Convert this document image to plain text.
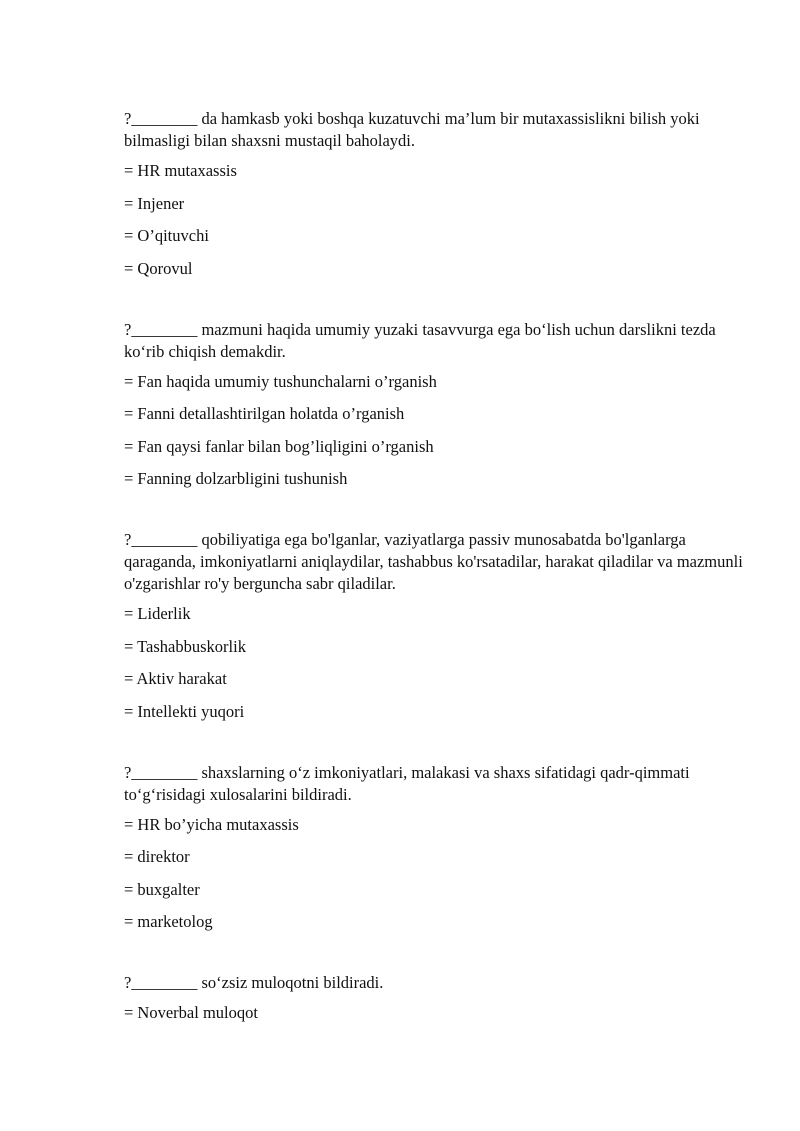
?________ da hamkasb yoki boshqa kuzatuvchi ma’lum bir mutaxassislikni bilish yoki bilmasligi bilan shaxsni mustaqil baholaydi.
= HR mutaxassis
= Injener
= O’qituvchi
= Qorovul
?________ mazmuni haqida umumiy yuzaki tasavvurga ega boʻlish uchun darslikni tezda koʻrib chiqish demakdir.
= Fan haqida umumiy tushunchalarni o’rganish
= Fanni detallashtirilgan holatda o’rganish
= Fan qaysi fanlar bilan bog’liqligini o’rganish
= Fanning dolzarbligini tushunish
?________ qobiliyatiga ega bo'lganlar, vaziyatlarga passiv munosabatda bo'lganlarga qaraganda, imkoniyatlarni aniqlaydilar, tashabbus ko'rsatadilar, harakat qiladilar va mazmunli o'zgarishlar ro'y berguncha sabr qiladilar.
= Liderlik
= Tashabbuskorlik
= Aktiv harakat
= Intellekti yuqori
?________ shaxslarning oʻz imkoniyatlari, malakasi va shaxs sifatidagi qadr-qimmati toʻgʻrisidagi xulosalarini bildiradi.
= HR bo’yicha mutaxassis
= direktor
= buxgalter
= marketolog
?________ soʻzsiz muloqotni bildiradi.
= Noverbal muloqot
